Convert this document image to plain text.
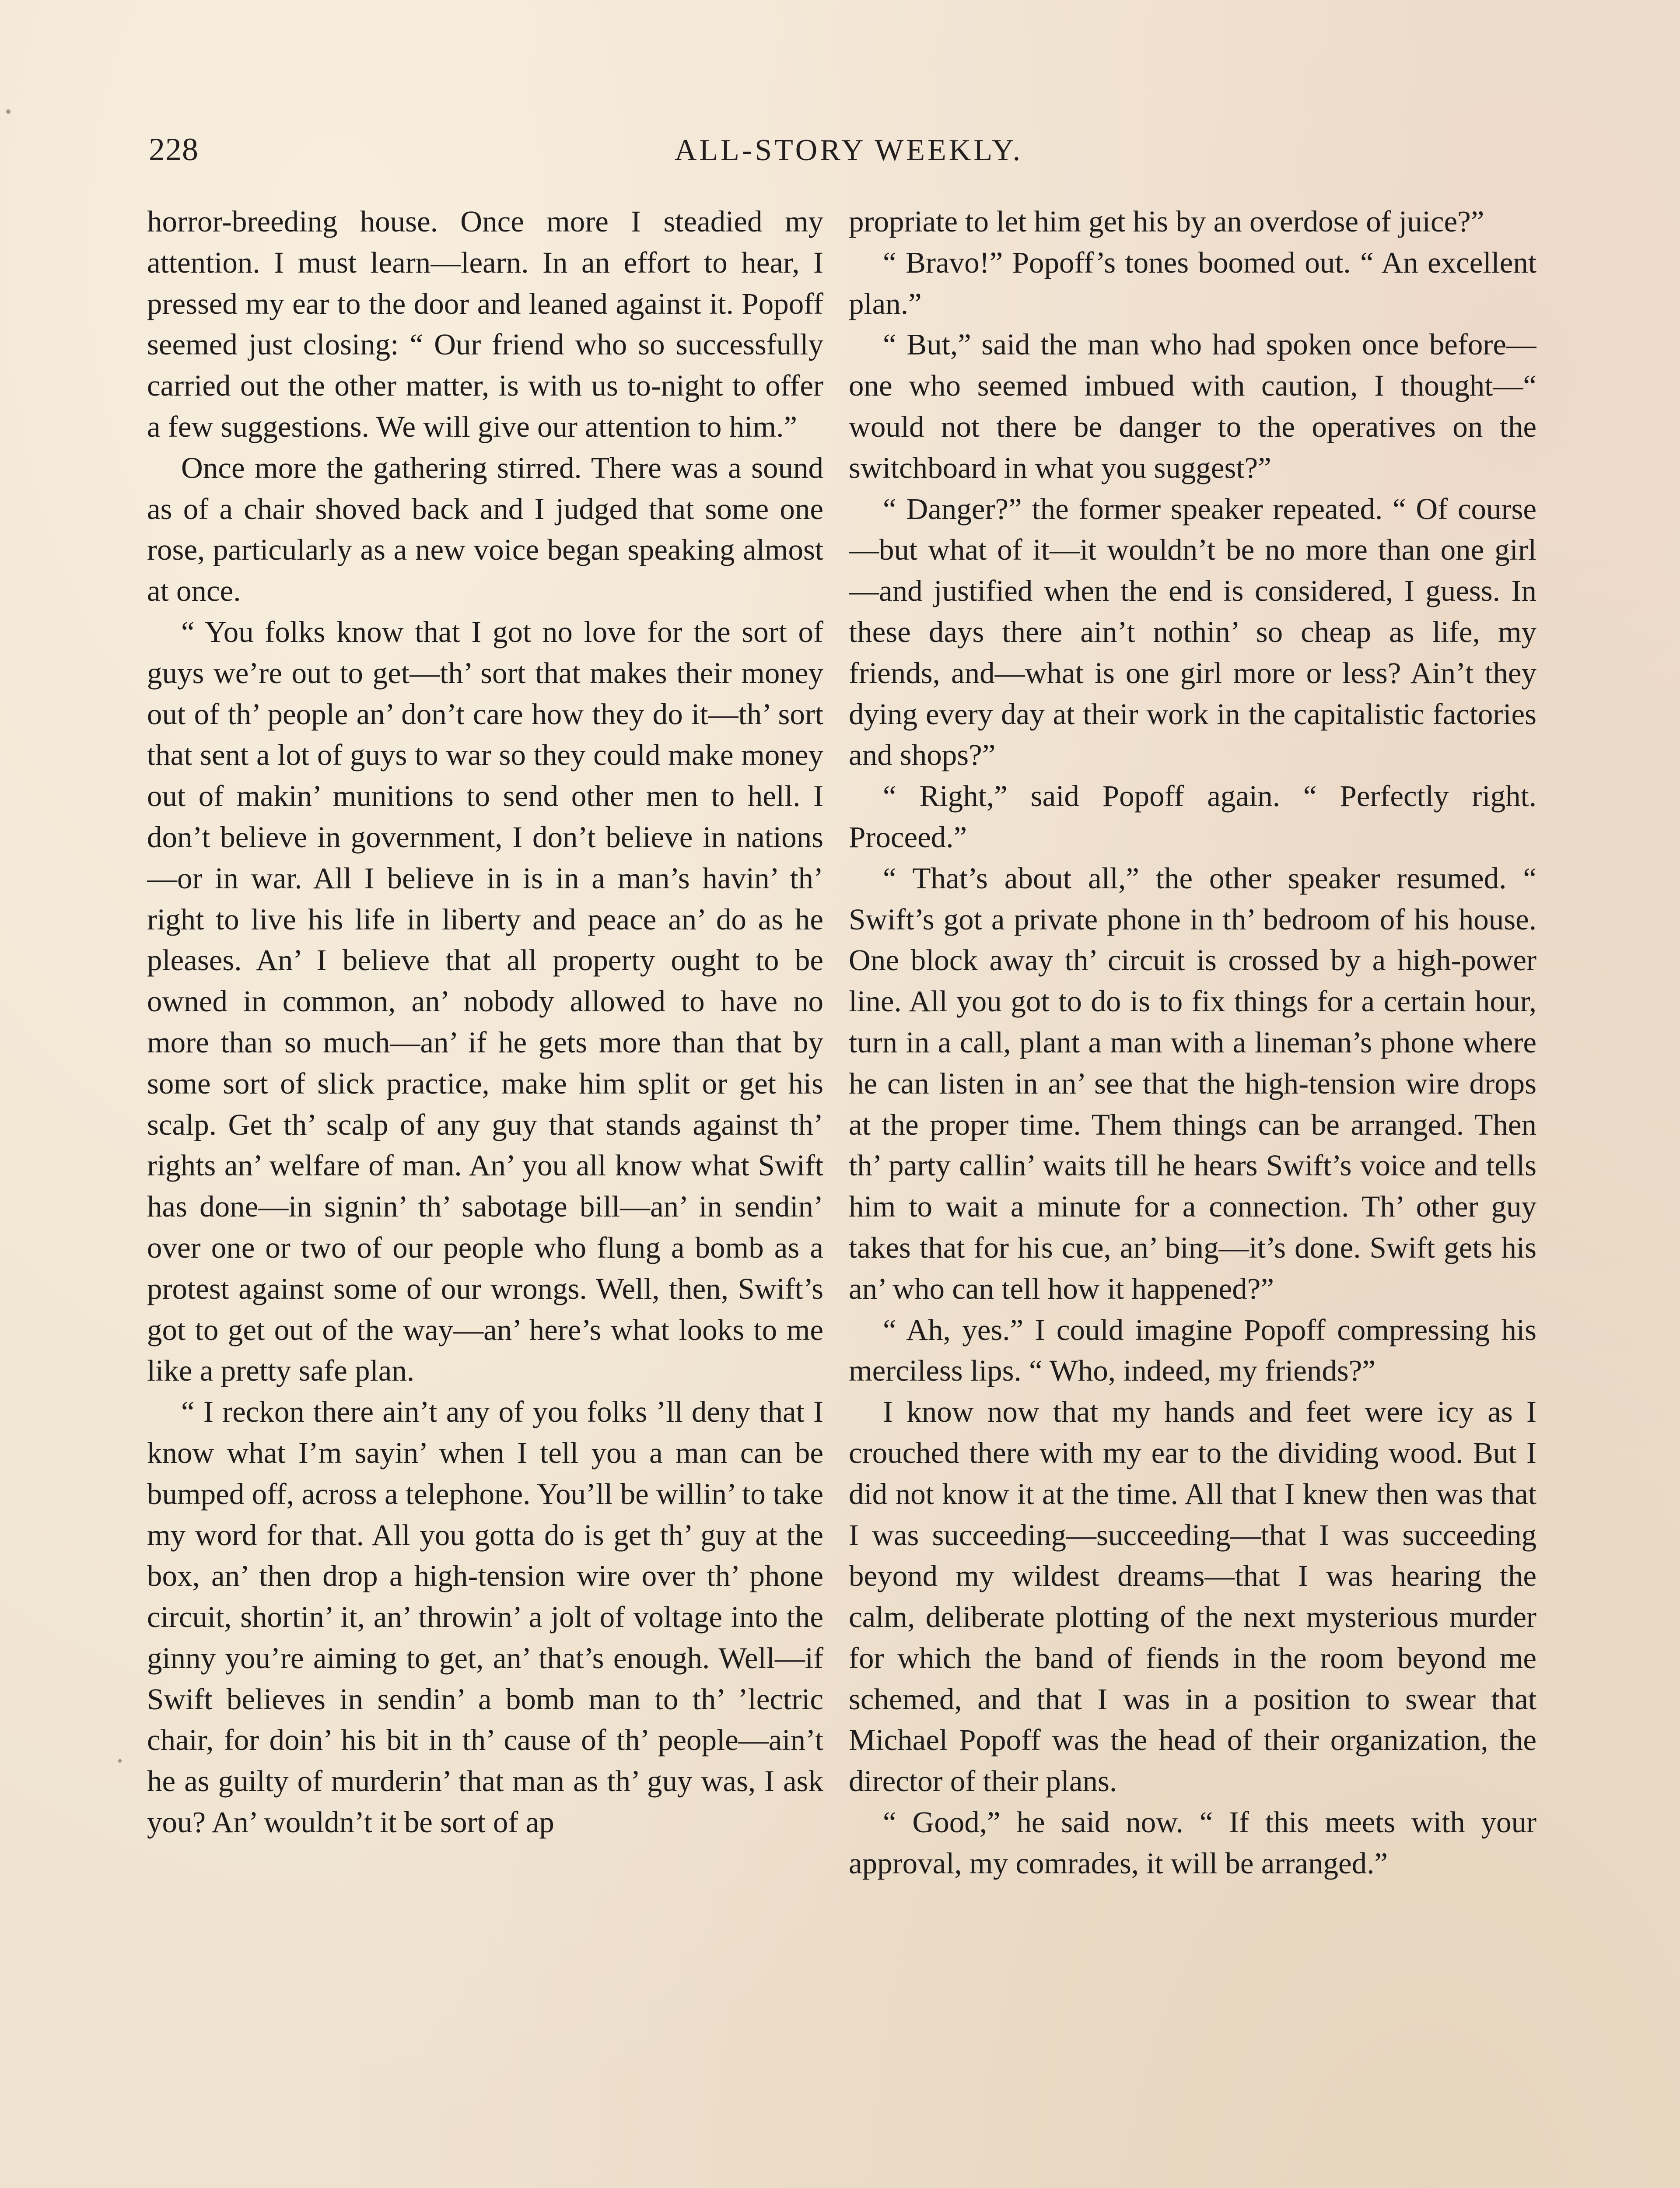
228	ALL-STORY WEEKLY.

horror-breeding house. Once more I steadied my attention. I must learn—learn. In an effort to hear, I pressed my ear to the door and leaned against it. Popoff seemed just closing: “ Our friend who so successfully carried out the other matter, is with us to-night to offer a few suggestions. We will give our attention to him.”

Once more the gathering stirred. There was a sound as of a chair shoved back and I judged that some one rose, particularly as a new voice began speaking almost at once.

“ You folks know that I got no love for the sort of guys we’re out to get—th’ sort that makes their money out of th’ people an’ don’t care how they do it—th’ sort that sent a lot of guys to war so they could make money out of makin’ munitions to send other men to hell. I don’t believe in government, I don’t believe in nations—or in war. All I believe in is in a man’s havin’ th’ right to live his life in liberty and peace an’ do as he pleases. An’ I believe that all property ought to be owned in common, an’ nobody allowed to have no more than so much—an’ if he gets more than that by some sort of slick practice, make him split or get his scalp. Get th’ scalp of any guy that stands against th’ rights an’ welfare of man. An’ you all know what Swift has done—in signin’ th’ sabotage bill—an’ in sendin’ over one or two of our people who flung a bomb as a protest against some of our wrongs. Well, then, Swift’s got to get out of the way—an’ here’s what looks to me like a pretty safe plan.

“ I reckon there ain’t any of you folks ’ll deny that I know what I’m sayin’ when I tell you a man can be bumped off, across a telephone. You’ll be willin’ to take my word for that. All you gotta do is get th’ guy at the box, an’ then drop a high-tension wire over th’ phone circuit, shortin’ it, an’ throwin’ a jolt of voltage into the ginny you’re aiming to get, an’ that’s enough. Well—if Swift believes in sendin’ a bomb man to th’ ’lectric chair, for doin’ his bit in th’ cause of th’ people—ain’t he as guilty of murderin’ that man as th’ guy was, I ask you? An’ wouldn’t it be sort of ap

propriate to let him get his by an overdose of juice?”

“ Bravo!” Popoff’s tones boomed out. “ An excellent plan.”

“ But,” said the man who had spoken once before—one who seemed imbued with caution, I thought—“ would not there be danger to the operatives on the switchboard in what you suggest?”

“ Danger?” the former speaker repeated. “ Of course—but what of it—it wouldn’t be no more than one girl—and justified when the end is considered, I guess. In these days there ain’t nothin’ so cheap as life, my friends, and—what is one girl more or less? Ain’t they dying every day at their work in the capitalistic factories and shops?”

“ Right,” said Popoff again. “ Perfectly right. Proceed.”

“ That’s about all,” the other speaker resumed. “ Swift’s got a private phone in th’ bedroom of his house. One block away th’ circuit is crossed by a high-power line. All you got to do is to fix things for a certain hour, turn in a call, plant a man with a lineman’s phone where he can listen in an’ see that the high-tension wire drops at the proper time. Them things can be arranged. Then th’ party callin’ waits till he hears Swift’s voice and tells him to wait a minute for a connection. Th’ other guy takes that for his cue, an’ bing—it’s done. Swift gets his an’ who can tell how it happened?”

“ Ah, yes.” I could imagine Popoff compressing his merciless lips. “ Who, indeed, my friends?”

I know now that my hands and feet were icy as I crouched there with my ear to the dividing wood. But I did not know it at the time. All that I knew then was that I was succeeding—succeeding—that I was succeeding beyond my wildest dreams—that I was hearing the calm, deliberate plotting of the next mysterious murder for which the band of fiends in the room beyond me schemed, and that I was in a position to swear that Michael Popoff was the head of their organization, the director of their plans.

“ Good,” he said now. “ If this meets with your approval, my comrades, it will be arranged.”
